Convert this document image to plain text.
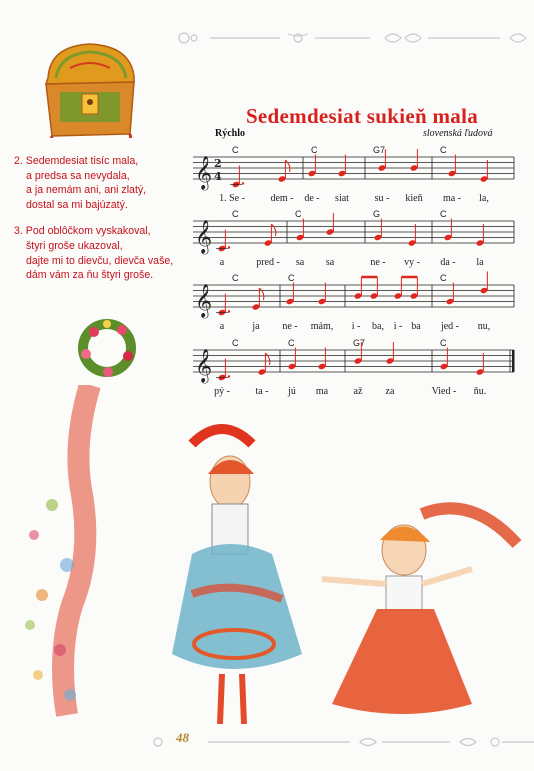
Sedemdesiat sukieň mala
2. Sedemdesiat tisíc mala,
a predsa sa nevydala,
a ja nemám ani, ani zlatý,
dostal sa mi bajúzatý.
3. Pod oblôčkom vyskakoval,
štyri groše ukazoval,
dajte mi to dievču, dievča vaše,
dám vám za ňu štyri groše.
Rýchlo	slovenská ľudová
𝄞 2
4
C	C	G7	C
1. Se -	dem - de - siat	su - kieň ma - la,
𝄞
C	C	G	C
a	pred - sa sa	ne - vy - da - la
𝄞
C	C	C
a	ja ne - mám, i - ba, i - ba jed - nu,
𝄞
C	C	G7	C
pý -	ta - jú ma	až za	Vied - ňu.
48
